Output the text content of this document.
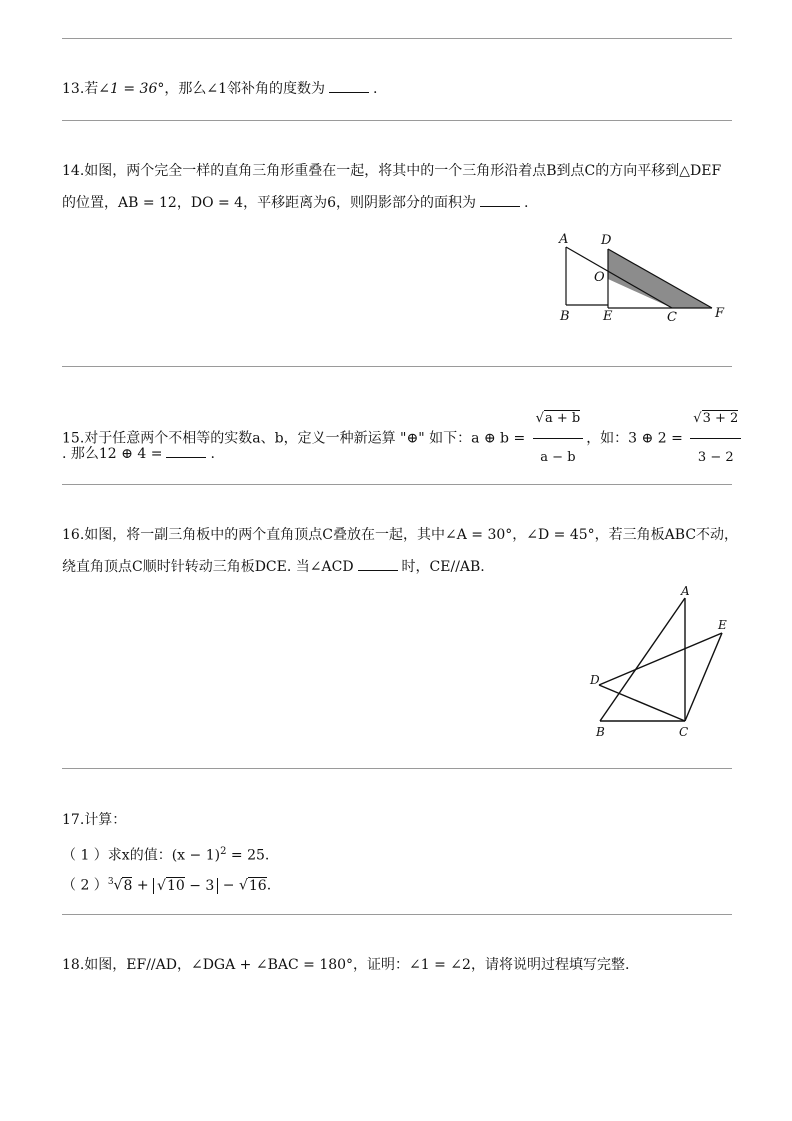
13.若∠1 = 36°，那么∠1邻补角的度数为	.
14.如图，两个完全一样的直角三角形重叠在一起，将其中的一个三角形沿着点B到点C的方向平移到△DEF
的位置，AB = 12，DO = 4，平移距离为6，则阴影部分的面积为	.
A	D
O
B	E	C	F
15.对于任意两个不相等的实数a、b，定义一种新运算 "⊕" 如下：a ⊕ $b = \frac{√a + b}{a - b}$ ，如：3 ⊕ $2 = \frac{√3 + 2}{3 - 2}$
. 那么12 ⊕ 4 =	.
16.如图，将一副三角板中的两个直角顶点C叠放在一起，其中∠A = 30°，∠D = 45°，若三角板ABC不动，
绕直角顶点C顺时针转动三角板DCE. 当∠ACD	时，CE//AB.
A
E
D
B	C
17.计算：
（ 1 ）求x的值：$(x - 1)^2 = 25$.
（ 2 ）$^3$√8 + √10 − 3 − √16.
18.如图，EF//AD，∠DGA + ∠BAC = 180°，证明：∠1 = ∠2，请将说明过程填写完整.
